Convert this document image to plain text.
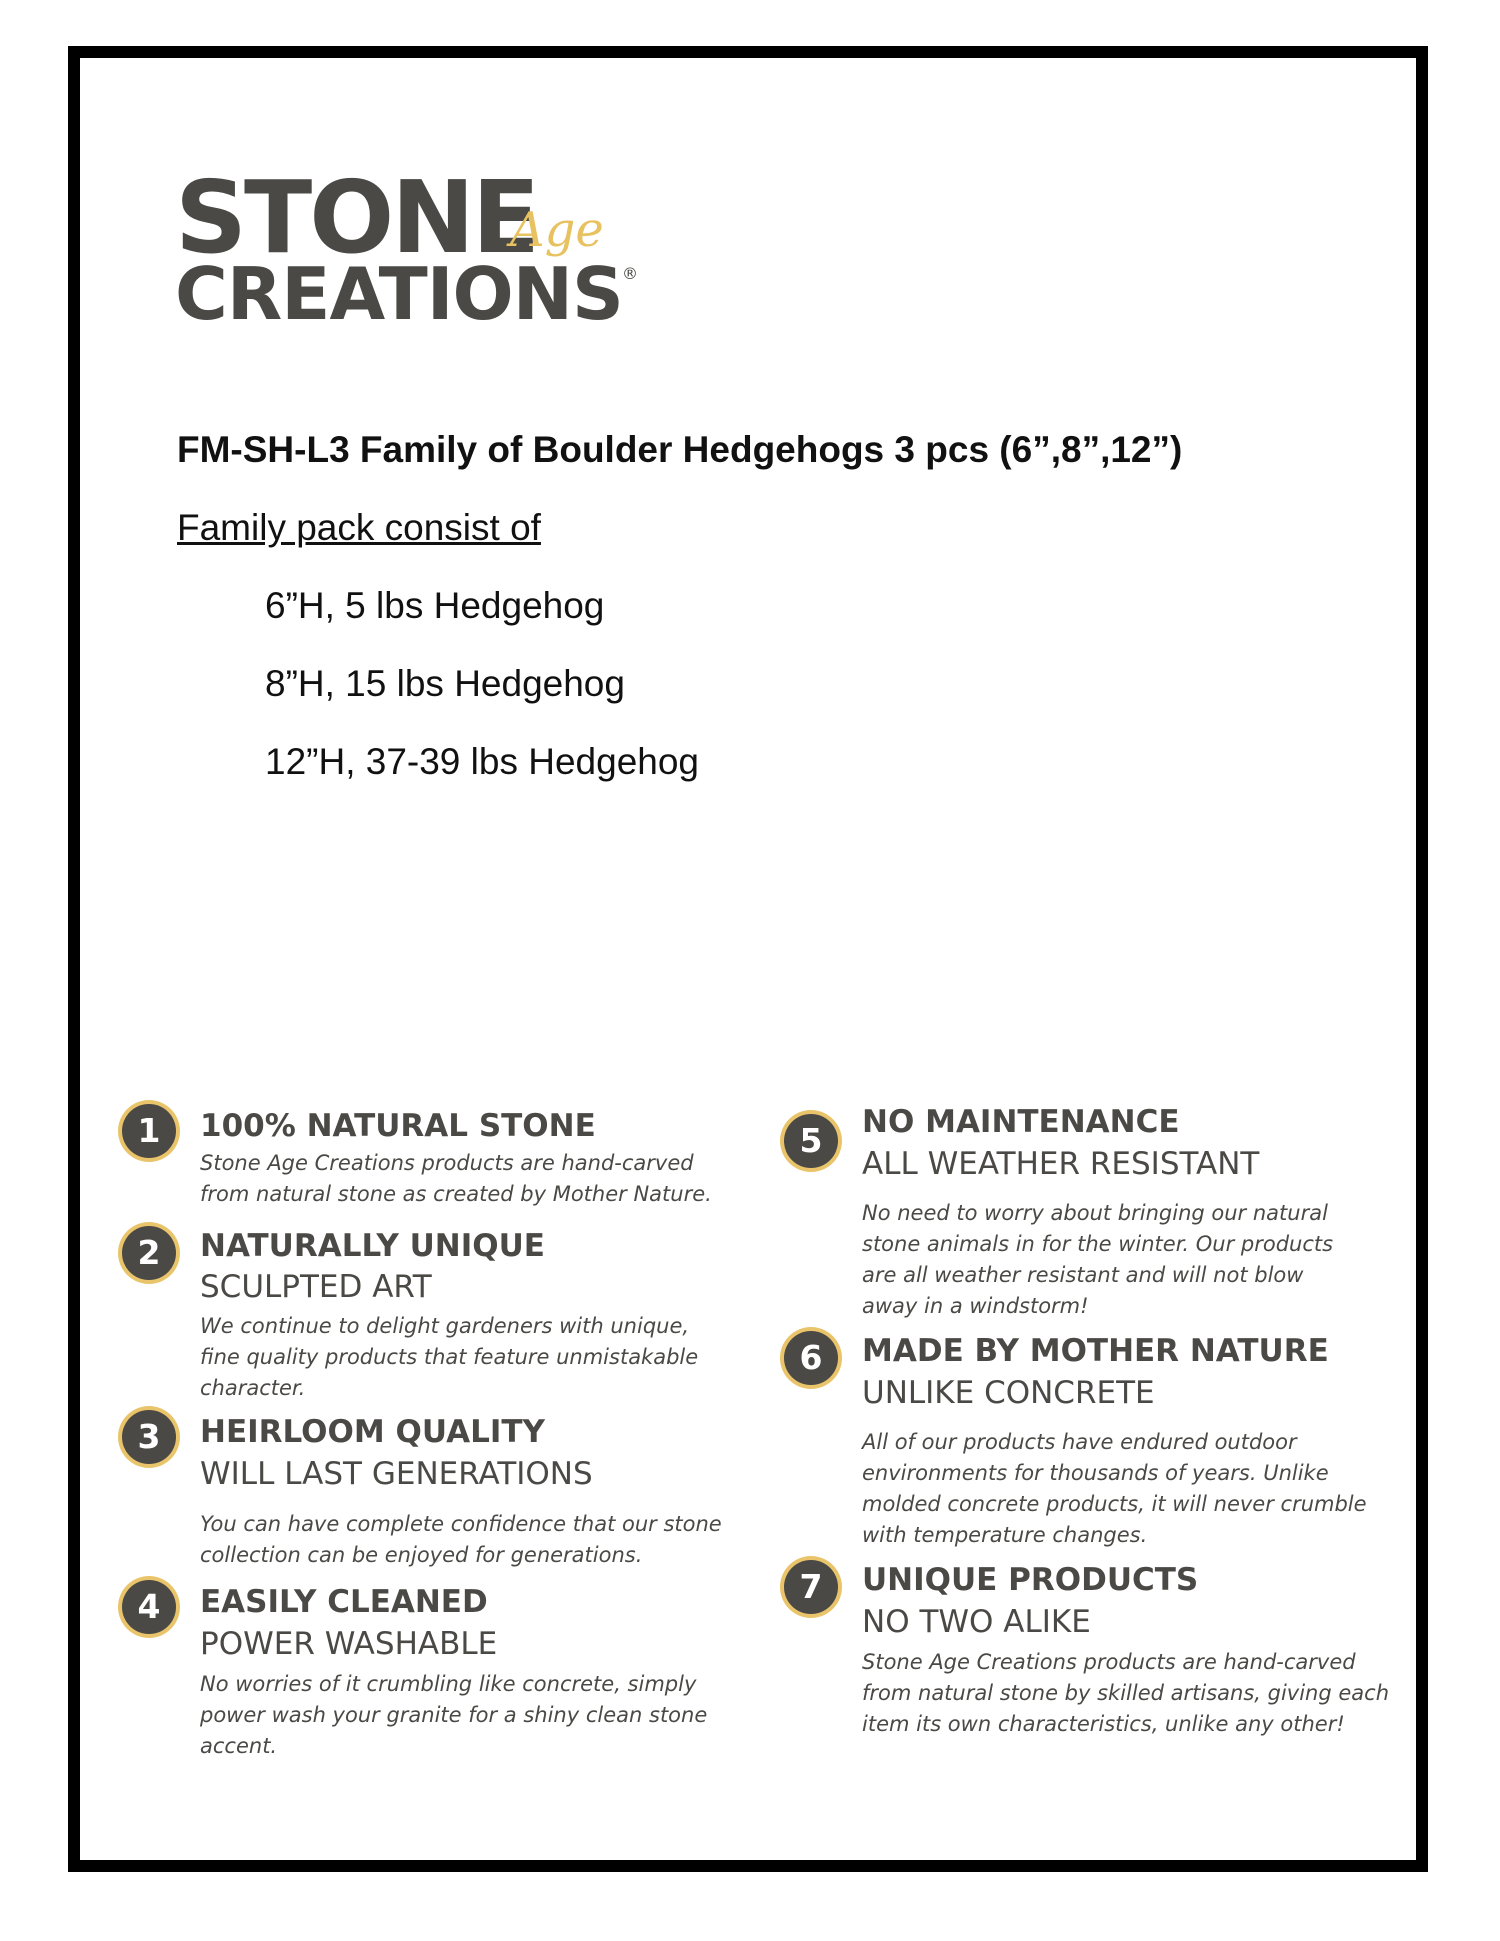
STONE
Age
CREATIONS ®
FM-SH-L3 Family of Boulder Hedgehogs 3 pcs (6”,8”,12”)
Family pack consist of
6”H, 5 lbs Hedgehog
8”H, 15 lbs Hedgehog
12”H, 37-39 lbs Hedgehog
1	100% NATURAL STONE
Stone Age Creations products are hand-carved
from natural stone as created by Mother Nature.
2	NATURALLY UNIQUE
SCULPTED ART
We continue to delight gardeners with unique,
fine quality products that feature unmistakable
character.
3	HEIRLOOM QUALITY
WILL LAST GENERATIONS
You can have complete confidence that our stone
collection can be enjoyed for generations.
4	EASILY CLEANED
POWER WASHABLE
No worries of it crumbling like concrete, simply
power wash your granite for a shiny clean stone
accent.
5	NO MAINTENANCE
ALL WEATHER RESISTANT
No need to worry about bringing our natural
stone animals in for the winter. Our products
are all weather resistant and will not blow
away in a windstorm!
6	MADE BY MOTHER NATURE
UNLIKE CONCRETE
All of our products have endured outdoor
environments for thousands of years. Unlike
molded concrete products, it will never crumble
with temperature changes.
7	UNIQUE PRODUCTS
NO TWO ALIKE
Stone Age Creations products are hand-carved
from natural stone by skilled artisans, giving each
item its own characteristics, unlike any other!
